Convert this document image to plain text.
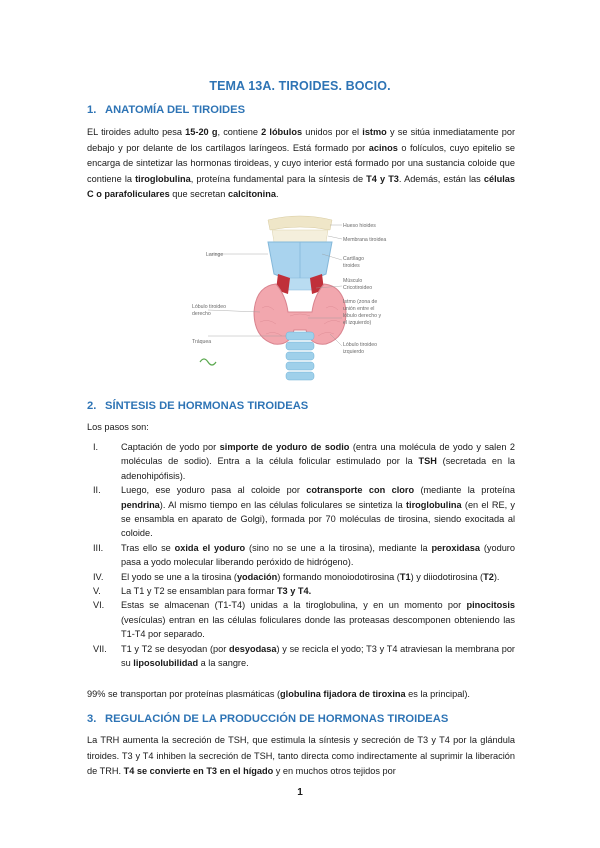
TEMA 13A. TIROIDES. BOCIO.
1. ANATOMÍA DEL TIROIDES
EL tiroides adulto pesa 15-20 g, contiene 2 lóbulos unidos por el istmo y se sitúa inmediatamente por debajo y por delante de los cartílagos laríngeos. Está formado por acinos o folículos, cuyo epitelio se encarga de sintetizar las hormonas tiroideas, y cuyo interior está formado por una sustancia coloide que contiene la tiroglobulina, proteína fundamental para la síntesis de T4 y T3. Además, están las células C o parafoliculares que secretan calcitonina.
Hueso hioides
Membrana tiroidea
Cartílago
tiroides
Músculo
Cricotiroideo
Istmo (zona de
unión entre el
lóbulo derecho y
el izquierdo)
Lóbulo tiroideo
izquierdo
Laringe
Lóbulo tiroideo
derecho
Tráquea
2. SÍNTESIS DE HORMONAS TIROIDEAS
Los pasos son:
I.	Captación de yodo por simporte de yoduro de sodio (entra una molécula de yodo y salen 2 moléculas de sodio). Entra a la célula folicular estimulado por la TSH (secretada en la adenohipófisis).
II.	Luego, ese yoduro pasa al coloide por cotransporte con cloro (mediante la proteína pendrina). Al mismo tiempo en las células foliculares se sintetiza la tiroglobulina (en el RE, y se ensambla en aparato de Golgi), formada por 70 moléculas de tirosina, siendo exocitada al coloide.
III.	Tras ello se oxida el yoduro (sino no se une a la tirosina), mediante la peroxidasa (yoduro pasa a yodo molecular liberando peróxido de hidrógeno).
IV.	El yodo se une a la tirosina (yodación) formando monoiodotirosina (T1) y diiodotirosina (T2).
V.	La T1 y T2 se ensamblan para formar T3 y T4.
VI.	Estas se almacenan (T1-T4) unidas a la tiroglobulina, y en un momento por pinocitosis (vesículas) entran en las células foliculares donde las proteasas descomponen obteniendo las T1-T4 por separado.
VII.	T1 y T2 se desyodan (por desyodasa) y se recicla el yodo; T3 y T4 atraviesan la membrana por su liposolubilidad a la sangre.
99% se transportan por proteínas plasmáticas (globulina fijadora de tiroxina es la principal).
3. REGULACIÓN DE LA PRODUCCIÓN DE HORMONAS TIROIDEAS
La TRH aumenta la secreción de TSH, que estimula la síntesis y secreción de T3 y T4 por la glándula tiroides. T3 y T4 inhiben la secreción de TSH, tanto directa como indirectamente al suprimir la liberación de TRH. T4 se convierte en T3 en el hígado y en muchos otros tejidos por
1
